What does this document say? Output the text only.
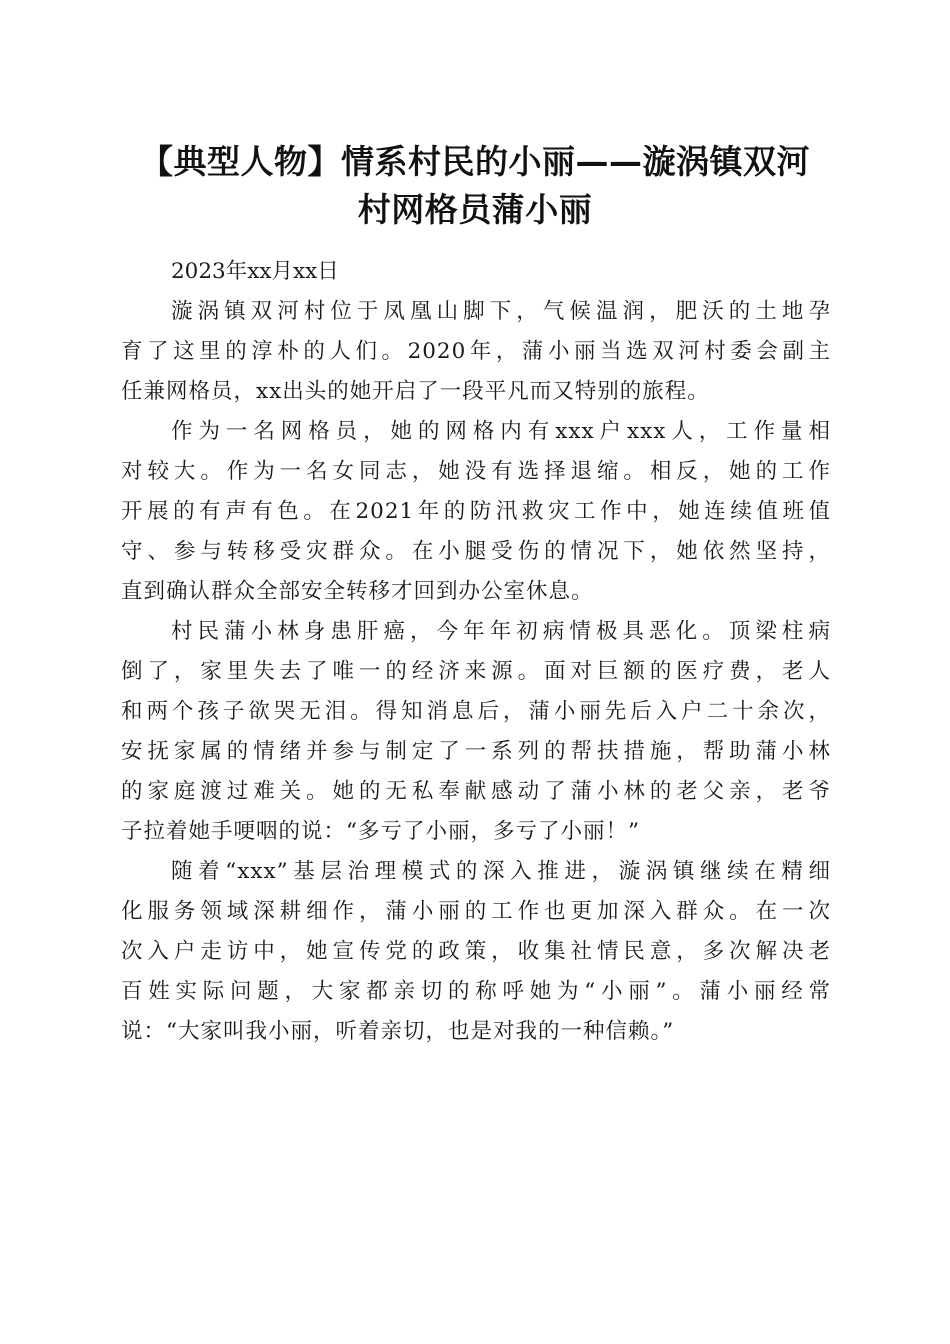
【典型人物】情系村民的小丽——漩涡镇双河
村网格员蒲小丽

2023年xx月xx日

漩涡镇双河村位于凤凰山脚下，气候温润，肥沃的土地孕
育了这里的淳朴的人们。2020年，蒲小丽当选双河村委会副主
任兼网格员，xx出头的她开启了一段平凡而又特别的旅程。

作为一名网格员，她的网格内有xxx户xxx人，工作量相
对较大。作为一名女同志，她没有选择退缩。相反，她的工作
开展的有声有色。在2021年的防汛救灾工作中，她连续值班值
守、参与转移受灾群众。在小腿受伤的情况下，她依然坚持，
直到确认群众全部安全转移才回到办公室休息。

村民蒲小林身患肝癌，今年年初病情极具恶化。顶梁柱病
倒了，家里失去了唯一的经济来源。面对巨额的医疗费，老人
和两个孩子欲哭无泪。得知消息后，蒲小丽先后入户二十余次，
安抚家属的情绪并参与制定了一系列的帮扶措施，帮助蒲小林
的家庭渡过难关。她的无私奉献感动了蒲小林的老父亲，老爷
子拉着她手哽咽的说：“多亏了小丽，多亏了小丽！”

随着“xxx”基层治理模式的深入推进，漩涡镇继续在精细
化服务领域深耕细作，蒲小丽的工作也更加深入群众。在一次
次入户走访中，她宣传党的政策，收集社情民意，多次解决老
百姓实际问题，大家都亲切的称呼她为“小丽”。蒲小丽经常
说：“大家叫我小丽，听着亲切，也是对我的一种信赖。”
